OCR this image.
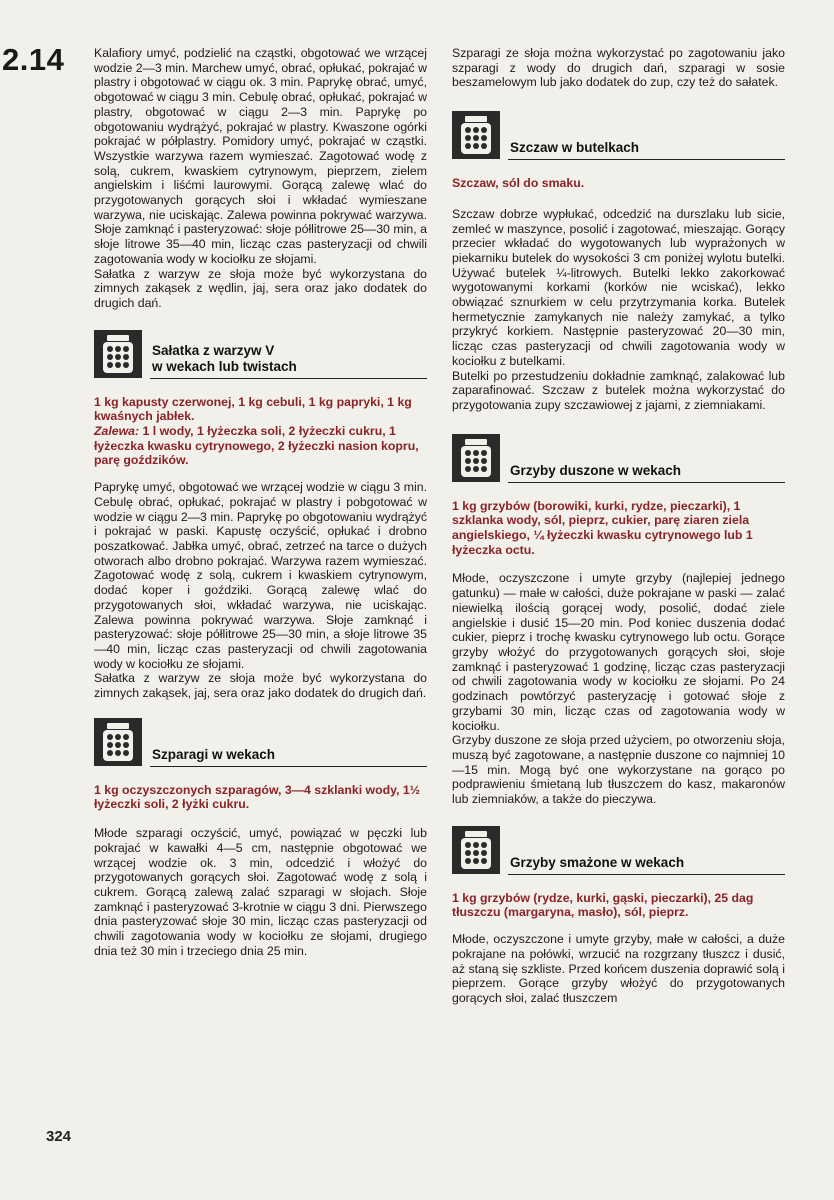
2.14 Kalafiory umyć, podzielić na cząstki, obgotować we wrzącej wodzie 2—3 min. Marchew umyć, obrać, opłukać, pokrajać w plastry i obgotować w ciągu ok. 3 min. Paprykę obrać, umyć, obgotować w ciągu 3 min. Cebulę obrać, opłukać, pokrajać w plastry, obgotować w ciągu 2—3 min. Paprykę po obgotowaniu wydrążyć, pokrajać w plastry. Kwaszone ogórki pokrajać w półplastry. Pomidory umyć, pokrajać w cząstki. Wszystkie warzywa razem wymieszać. Zagotować wodę z solą, cukrem, kwaskiem cytrynowym, pieprzem, zielem angielskim i liśćmi laurowymi. Gorącą zalewę wlać do przygotowanych gorących słoi i wkładać wymieszane warzywa, nie uciskając. Zalewa powinna pokrywać warzywa. Słoje zamknąć i pasteryzować: słoje półlitrowe 25—30 min, a słoje litrowe 35—40 min, licząc czas pasteryzacji od chwili zagotowania wody w kociołku ze słojami.

Sałatka z warzyw ze słoja może być wykorzystana do zimnych zakąsek z wędlin, jaj, sera oraz jako dodatek do drugich dań.

Sałatka z warzyw V
w wekach lub twistach

1 kg kapusty czerwonej, 1 kg cebuli, 1 kg papryki, 1 kg kwaśnych jabłek.
Zalewa: 1 l wody, 1 łyżeczka soli, 2 łyżeczki cukru, 1 łyżeczka kwasku cytrynowego, 2 łyżeczki nasion kopru, parę goździków.

Paprykę umyć, obgotować we wrzącej wodzie w ciągu 3 min. Cebulę obrać, opłukać, pokrajać w plastry i pobgotować w wodzie w ciągu 2—3 min. Paprykę po obgotowaniu wydrążyć i pokrajać w paski. Kapustę oczyścić, opłukać i drobno poszatkować. Jabłka umyć, obrać, zetrzeć na tarce o dużych otworach albo drobno pokrajać. Warzywa razem wymieszać. Zagotować wodę z solą, cukrem i kwaskiem cytrynowym, dodać koper i goździki. Gorącą zalewę wlać do przygotowanych słoi, wkładać warzywa, nie uciskając. Zalewa powinna pokrywać warzywa. Słoje zamknąć i pasteryzować: słoje półlitrowe 25—30 min, a słoje litrowe 35—40 min, licząc czas pasteryzacji od chwili zagotowania wody w kociołku ze słojami.

Sałatka z warzyw ze słoja może być wykorzystana do zimnych zakąsek, jaj, sera oraz jako dodatek do drugich dań.

Szparagi w wekach

1 kg oczyszczonych szparagów, 3—4 szklanki wody, 1½ łyżeczki soli, 2 łyżki cukru.

Młode szparagi oczyścić, umyć, powiązać w pęczki lub pokrajać w kawałki 4—5 cm, następnie obgotować we wrzącej wodzie ok. 3 min, odcedzić i włożyć do przygotowanych gorących słoi. Zagotować wodę z solą i cukrem. Gorącą zalewą zalać szparagi w słojach. Słoje zamknąć i pasteryzować 3-krotnie w ciągu 3 dni. Pierwszego dnia pasteryzować słoje 30 min, licząc czas pasteryzacji od chwili zagotowania wody w kociołku ze słojami, drugiego dnia też 30 min i trzeciego dnia 25 min.

Szparagi ze słoja można wykorzystać po zagotowaniu jako szparagi z wody do drugich dań, szparagi w sosie beszamelowym lub jako dodatek do zup, czy też do sałatek.

Szczaw w butelkach

Szczaw, sól do smaku.

Szczaw dobrze wypłukać, odcedzić na durszlaku lub sicie, zemleć w maszynce, posolić i zagotować, mieszając. Gorący przecier wkładać do wygotowanych lub wyprażonych w piekarniku butelek do wysokości 3 cm poniżej wylotu butelki. Używać butelek ¼-litrowych. Butelki lekko zakorkować wygotowanymi korkami (korków nie wciskać), lekko obwiązać sznurkiem w celu przytrzymania korka. Butelek hermetycznie zamykanych nie należy zamykać, a tylko przykryć korkiem. Następnie pasteryzować 20—30 min, licząc czas pasteryzacji od chwili zagotowania wody w kociołku z butelkami.

Butelki po przestudzeniu dokładnie zamknąć, zalakować lub zaparafinować. Szczaw z butelek można wykorzystać do przygotowania zupy szczawiowej z jajami, z ziemniakami.

Grzyby duszone w wekach

1 kg grzybów (borowiki, kurki, rydze, pieczarki), 1 szklanka wody, sól, pieprz, cukier, parę ziaren ziela angielskiego, ¼ łyżeczki kwasku cytrynowego lub 1 łyżeczka octu.

Młode, oczyszczone i umyte grzyby (najlepiej jednego gatunku) — małe w całości, duże pokrajane w paski — zalać niewielką ilością gorącej wody, posolić, dodać ziele angielskie i dusić 15—20 min. Pod koniec duszenia dodać cukier, pieprz i trochę kwasku cytrynowego lub octu. Gorące grzyby włożyć do przygotowanych gorących słoi, słoje zamknąć i pasteryzować 1 godzinę, licząc czas pasteryzacji od chwili zagotowania wody w kociołku ze słojami. Po 24 godzinach powtórzyć pasteryzację i gotować słoje z grzybami 30 min, licząc czas od zagotowania wody w kociołku.

Grzyby duszone ze słoja przed użyciem, po otworzeniu słoja, muszą być zagotowane, a następnie duszone co najmniej 10—15 min. Mogą być one wykorzystane na gorąco po podprawieniu śmietaną lub tłuszczem do kasz, makaronów lub ziemniaków, a także do pieczywa.

Grzyby smażone w wekach

1 kg grzybów (rydze, kurki, gąski, pieczarki), 25 dag tłuszczu (margaryna, masło), sól, pieprz.

Młode, oczyszczone i umyte grzyby, małe w całości, a duże pokrajane na połówki, wrzucić na rozgrzany tłuszcz i dusić, aż staną się szkliste. Przed końcem duszenia doprawić solą i pieprzem. Gorące grzyby włożyć do przygotowanych gorących słoi, zalać tłuszczem

324
